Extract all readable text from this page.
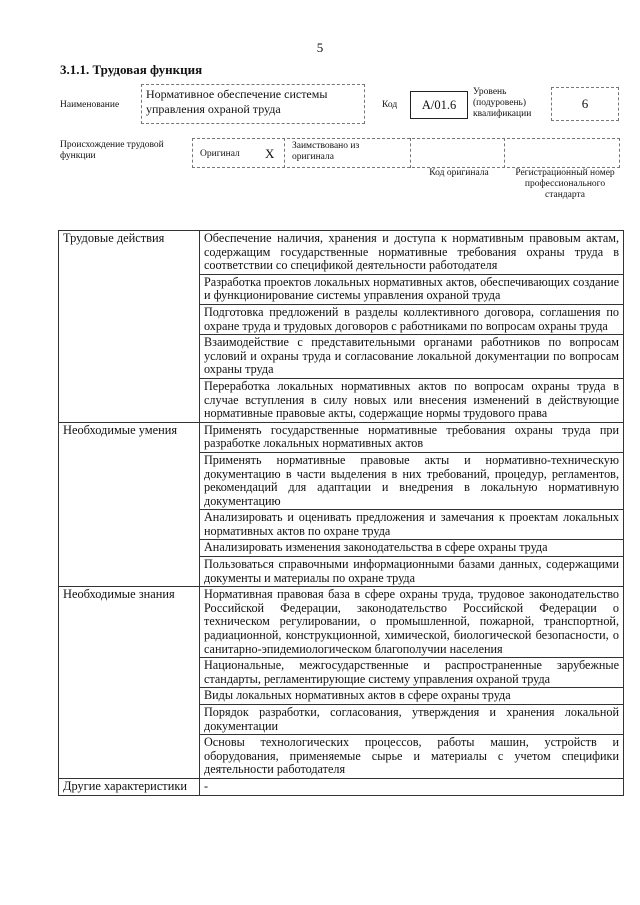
5
3.1.1. Трудовая функция
Наименование
Нормативное обеспечение системы управления охраной труда	Код	А/01.6
Уровень (подуровень) квалификации
6
Происхождение трудовой функции	Оригинал X Заимствовано из оригинала
Код оригинала	Регистрационный номер профессионального стандарта
Трудовые действия	Обеспечение наличия, хранения и доступа к нормативным правовым актам, содержащим государственные нормативные требования охраны труда в соответствии со спецификой деятельности работодателя
	Разработка проектов локальных нормативных актов, обеспечивающих создание и функционирование системы управления охраной труда
	Подготовка предложений в разделы коллективного договора, соглашения по охране труда и трудовых договоров с работниками по вопросам охраны труда
	Взаимодействие с представительными органами работников по вопросам условий и охраны труда и согласование локальной документации по вопросам охраны труда
	Переработка локальных нормативных актов по вопросам охраны труда в случае вступления в силу новых или внесения изменений в действующие нормативные правовые акты, содержащие нормы трудового права
Необходимые умения	Применять государственные нормативные требования охраны труда при разработке локальных нормативных актов
	Применять нормативные правовые акты и нормативно-техническую документацию в части выделения в них требований, процедур, регламентов, рекомендаций для адаптации и внедрения в локальную нормативную документацию
	Анализировать и оценивать предложения и замечания к проектам локальных нормативных актов по охране труда
	Анализировать изменения законодательства в сфере охраны труда
	Пользоваться справочными информационными базами данных, содержащими документы и материалы по охране труда
Необходимые знания	Нормативная правовая база в сфере охраны труда, трудовое законодательство Российской Федерации, законодательство Российской Федерации о техническом регулировании, о промышленной, пожарной, транспортной, радиационной, конструкционной, химической, биологической безопасности, о санитарно-эпидемиологическом благополучии населения
	Национальные, межгосударственные и распространенные зарубежные стандарты, регламентирующие систему управления охраной труда
	Виды локальных нормативных актов в сфере охраны труда
	Порядок разработки, согласования, утверждения и хранения локальной документации
	Основы технологических процессов, работы машин, устройств и оборудования, применяемые сырье и материалы с учетом специфики деятельности работодателя
Другие характеристики	-
